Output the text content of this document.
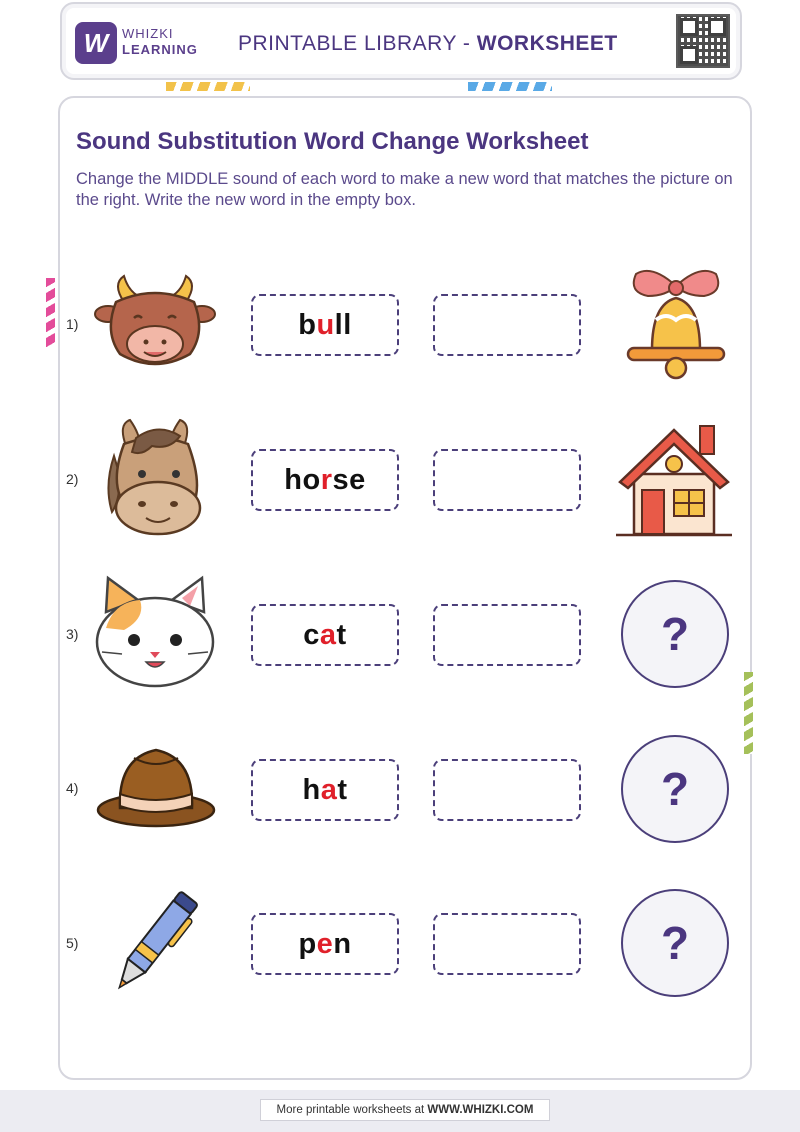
W WHIZKI
LEARNING PRINTABLE LIBRARY - WORKSHEET
Sound Substitution Word Change Worksheet
Change the MIDDLE sound of each word to make a new word that matches the picture on the right. Write the new word in the empty box.
1)	b u ll
2)	ho r se
3)	c a t	?
4)	h a t	?
5)	p e n	?
More printable worksheets at WWW.WHIZKI.COM
